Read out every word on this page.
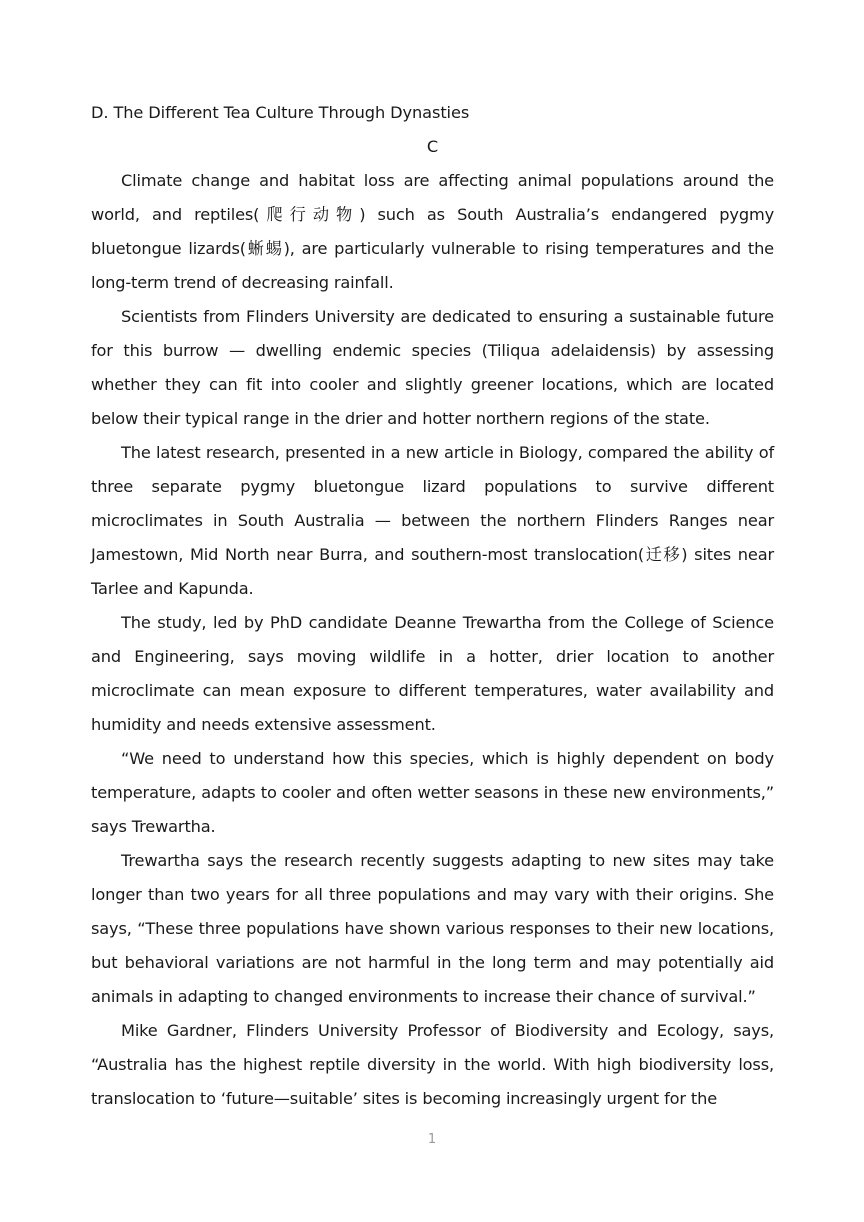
D. The Different Tea Culture Through Dynasties

C

Climate change and habitat loss are affecting animal populations around the world, and reptiles(爬行动物) such as South Australia’s endangered pygmy bluetongue lizards(蜥蜴), are particularly vulnerable to rising temperatures and the long-term trend of decreasing rainfall.

Scientists from Flinders University are dedicated to ensuring a sustainable future for this burrow — dwelling endemic species (Tiliqua adelaidensis) by assessing whether they can fit into cooler and slightly greener locations, which are located below their typical range in the drier and hotter northern regions of the state.

The latest research, presented in a new article in Biology, compared the ability of three separate pygmy bluetongue lizard populations to survive different microclimates in South Australia — between the northern Flinders Ranges near Jamestown, Mid North near Burra, and southern-most translocation(迁移) sites near Tarlee and Kapunda.

The study, led by PhD candidate Deanne Trewartha from the College of Science and Engineering, says moving wildlife in a hotter, drier location to another microclimate can mean exposure to different temperatures, water availability and humidity and needs extensive assessment.

“We need to understand how this species, which is highly dependent on body temperature, adapts to cooler and often wetter seasons in these new environments,” says Trewartha.

Trewartha says the research recently suggests adapting to new sites may take longer than two years for all three populations and may vary with their origins. She says, “These three populations have shown various responses to their new locations, but behavioral variations are not harmful in the long term and may potentially aid animals in adapting to changed environments to increase their chance of survival.”

Mike Gardner, Flinders University Professor of Biodiversity and Ecology, says, “Australia has the highest reptile diversity in the world. With high biodiversity loss, translocation to ‘future—suitable’ sites is becoming increasingly urgent for the

1
